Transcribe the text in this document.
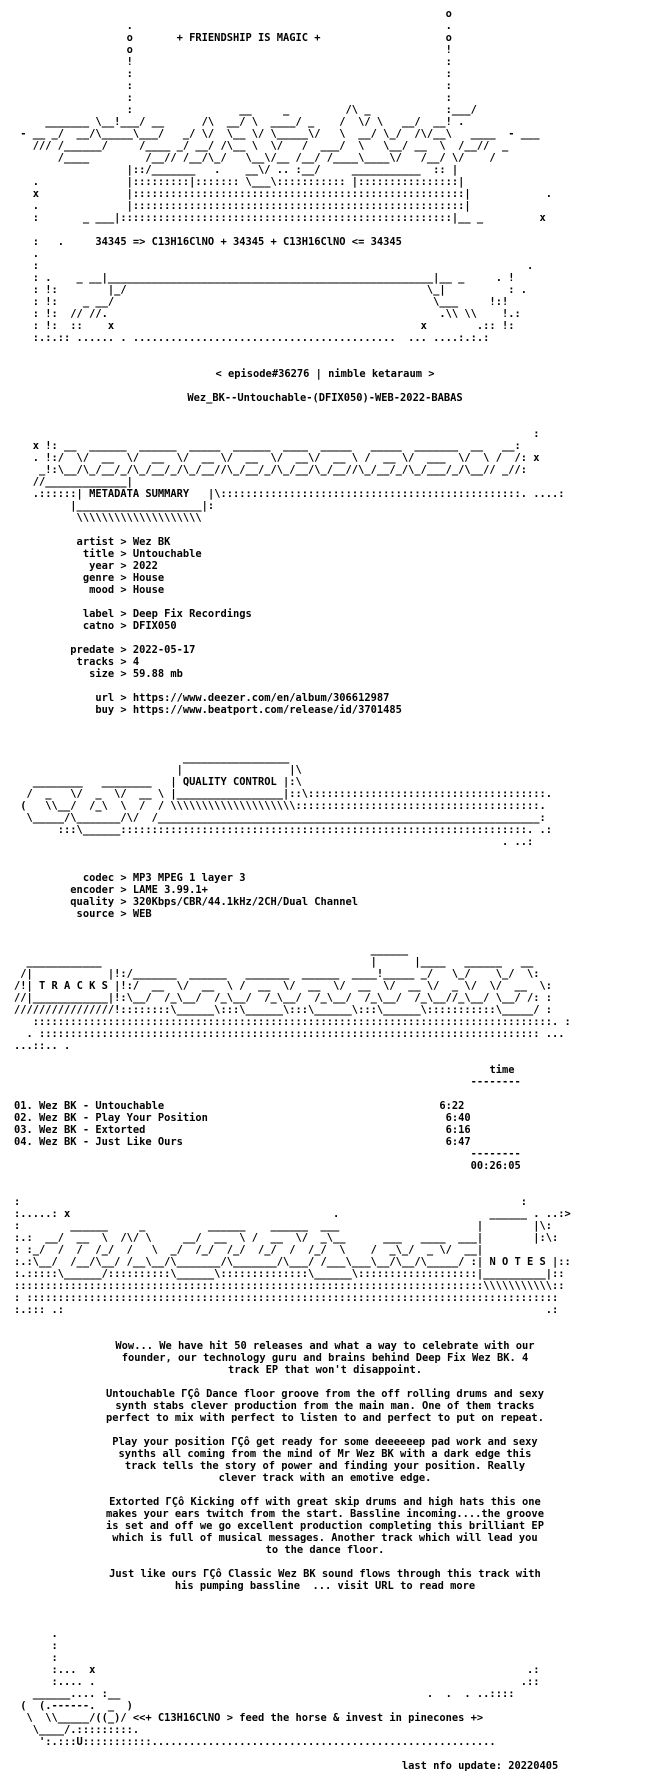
o
.                                                  .
o       + FRIENDSHIP IS MAGIC +                    o
o                                                  !
!                                                  :
:                                                  :
:                                                  :
:                                                  :
:                 __     _         /\ _            :___/
_______ \__!___/ __      /\  __/ \  ____/ _    /  \/ \   __/  __! .
- __ _/  __/\_____\___/   _/ \/  \__ \/ \_____\/   \  __/ \_/  /\/__\   ____  - ___
/// /______/     /____ _/ __/ /\__ \  \/   /  ___/  \   \__/ __  \  /__//  _
/____         /__// /__/\_/   \__\/__ /__/ /____\____\/   /__/ \/    /
|::/_______   .    __\/ .. :__/     ___________  :: |
.              |:::::::::|::::::: \___\::::::::::: |::::::::::::::::|
x              |:::::::::::::::::::::::::::::::::::::::::::::::::::::|            .
.              |:::::::::::::::::::::::::::::::::::::::::::::::::::::|
:       _ ___|:::::::::::::::::::::::::::::::::::::::::::::::::::::|__ _         x
:   .     34345 => C13H16ClNO + 34345 + C13H16ClNO <= 34345
.
:                                                                              .
: .    _ __|____________________________________________________|__ _     . !
: !:        |_/                                                \_|          : .
: !:    _ __/                                                   \___     !:!
: !:  // //.                                                     .\\ \\    !.:
: !:  ::    x                                                 x        .:: !:
:.:.:: ...... . ..........................................  ... ....:.:.:
< episode#36276 | nimble ketaraum >
Wez_BK--Untouchable-(DFIX050)-WEB-2022-BABAS
:
x !: __  ______  ______  _____  ______  ____  _____   _____  _______  __   __:
. !:/  \/  __  \/  __  \/  __ \/  __  \/  __\/  __ \ /  __ \/  ___  \/  \ /  /: x
_!:\__/\_/__/_/\_/__/_/\_/__//\_/__/_/\_/__/\_/__//\_/__/_/\_/___/_/\__// _//:
//_____________|
.::::::| METADATA SUMMARY   |\::::::::::::::::::::::::::::::::::::::::::::::::. ....:
|____________________|:
\\\\\\\\\\\\\\\\\\\\
artist > Wez BK
title > Untouchable
year > 2022
genre > House
mood > House

label > Deep Fix Recordings
catno > DFIX050

predate > 2022-05-17
tracks > 4
size > 59.88 mb

url > https://www.deezer.com/en/album/306612987
buy > https://www.beatport.com/release/id/3701485
_________________
|                 |\
________   ________   | QUALITY CONTROL |:\
/  _   \/  _  \/  __ \ |_________________|::\::::::::::::::::::::::::::::::::::::::.
(   \\__/  /_\  \  /  / \\\\\\\\\\\\\\\\\\\\:::::::::::::::::::::::::::::::::::::::.
\_____/\_______/\/  /_____________________________________________________________:
:::\______:::::::::::::::::::::::::::::::::::::::::::::::::::::::::::::::::. .:
. ..:
codec > MP3 MPEG 1 layer 3
encoder > LAME 3.99.1+
quality > 320Kbps/CBR/44.1kHz/2CH/Dual Channel
source > WEB
______
____________                                           |      |____   ______   __
/|            |!:/_______  ______   _______  ______  ____!_____ _/   \_/    \_/  \:
/!| T R A C K S |!:/  __  \/  __  \ /  __  \/  __  \/  __  \/  __ \/  _ \/  \/  __  \:
//|____________|!:\__/  /_\__/  /_\__/  /_\__/  /_\__/  /_\__/  /_\__//_\__/ \__/ /: :
////////////////!::::::::\______\:::\______\:::\______\:::\______\:::::::::::\_____/ :
:::::::::::::::::::::::::::::::::::::::::::::::::::::::::::::::::::::::::::::::::::. :
. :::::::::::::::::::::::::::::::::::::::::::::::::::::::::::::::::::::::::::::::: ...
...::.. .
time
--------

01. Wez BK - Untouchable	6:22
02. Wez BK - Play Your Position	6:40
03. Wez BK - Extorted	6:16
04. Wez BK - Just Like Ours	6:47
--------
00:26:05
:                                                                                :
:.....: x                                          .                        ______ . ..:>
:        ______     _          ______    ______  ___                      |        |\:
:.:  __/  __  \  /\/ \     __/  __  \ /  __  \/  _\__      ___   ____  ___|        |:\:
: :_/  /  /  /_/  /   \  _/  /_/  /_/  /_/  /  /_/  \    /  _\_/  _ \/  __|
:.:\__/  /__/\__/ /__\__/\_______/\_______/\___/ /___\___\__/\__/\_____/ :| N O T E S |::
:.:::::\______/::::::::::\______\::::::::::::::\______\:::::::::::::::::::|__________|::
:::::::::::::::::::::::::::::::::::::::::::::::::::::::::::::::::::::::::::\\\\\\\\\\\::
: :::::::::::::::::::::::::::::::::::::::::::::::::::::::::::::::::::::::::::::::::::::
:.::: .:                                                                             .:
Wow... We have hit 50 releases and what a way to celebrate with our
founder, our technology guru and brains behind Deep Fix Wez BK. 4
track EP that won't disappoint.
Untouchable ΓÇô Dance floor groove from the off rolling drums and sexy
synth stabs clever production from the main man. One of them tracks
perfect to mix with perfect to listen to and perfect to put on repeat.
Play your position ΓÇô get ready for some deeeeeep pad work and sexy
synths all coming from the mind of Mr Wez BK with a dark edge this
track tells the story of power and finding your position. Really
clever track with an emotive edge.
Extorted ΓÇô Kicking off with great skip drums and high hats this one
makes your ears twitch from the start. Bassline incoming....the groove
is set and off we go excellent production completing this brilliant EP
which is full of musical messages. Another track which will lead you
to the dance floor.
Just like ours ΓÇô Classic Wez BK sound flows through this track with
his pumping bassline  ... visit URL to read more
.
:
:
:...  x                                                                     .:
:.... .                                                                    .::
______.... :__                                                 .  .  . ..::::
(  (.------.  _  )
\  \\_____/((_)/ <<+ C13H16ClNO > feed the horse & invest in pinecones +>
\____/.:::::::::.
':.:::U:::::::::::.......................................................
last nfo update: 20220405
